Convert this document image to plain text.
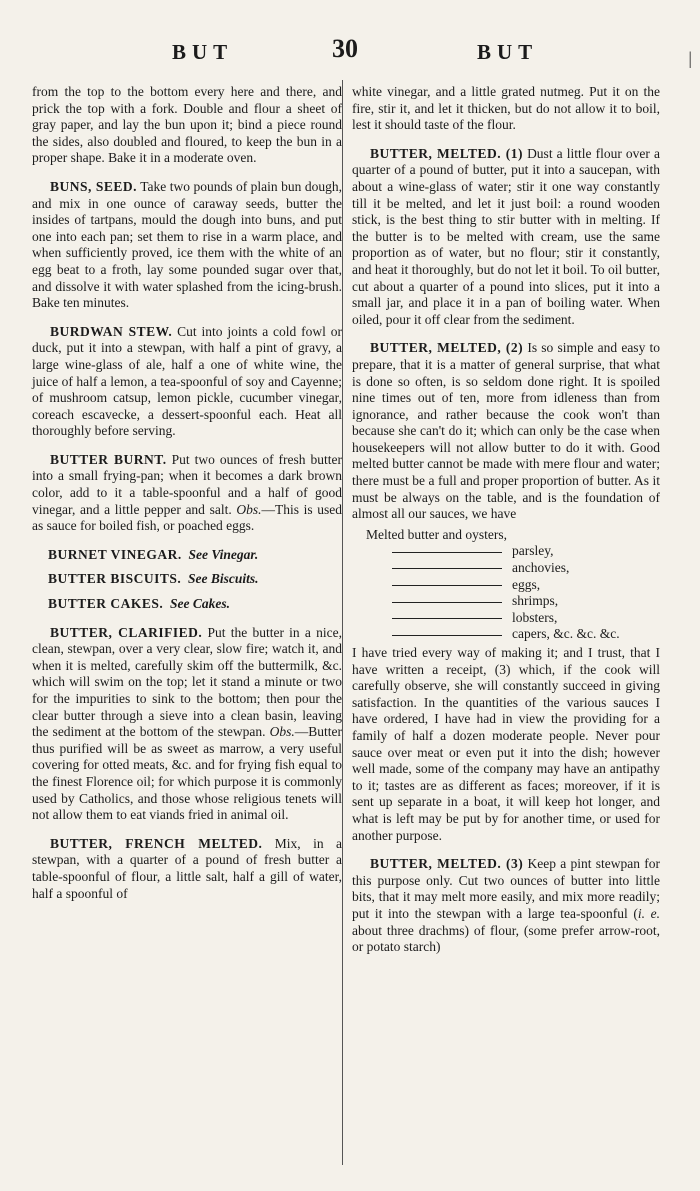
BUT	30	BUT	|

from the top to the bottom every here and there, and prick the top with a fork. Double and flour a sheet of gray paper, and lay the bun upon it; bind a piece round the sides, also doubled and floured, to keep the bun in a proper shape. Bake it in a moderate oven.

BUNS, SEED. Take two pounds of plain bun dough, and mix in one ounce of caraway seeds, butter the insides of tartpans, mould the dough into buns, and put one into each pan; set them to rise in a warm place, and when sufficiently proved, ice them with the white of an egg beat to a froth, lay some pounded sugar over that, and dissolve it with water splashed from the icing-brush. Bake ten minutes.

BURDWAN STEW. Cut into joints a cold fowl or duck, put it into a stewpan, with half a pint of gravy, a large wine-glass of ale, half a one of white wine, the juice of half a lemon, a tea-spoonful of soy and Cayenne; of mushroom catsup, lemon pickle, cucumber vinegar, coreach escavecke, a dessert-spoonful each. Heat all thoroughly before serving.

BUTTER BURNT. Put two ounces of fresh butter into a small frying-pan; when it becomes a dark brown color, add to it a table-spoonful and a half of good vinegar, and a little pepper and salt. Obs.—This is used as sauce for boiled fish, or poached eggs.

BURNET VINEGAR. See Vinegar.

BUTTER BISCUITS. See Biscuits.

BUTTER CAKES. See Cakes.

BUTTER, CLARIFIED. Put the butter in a nice, clean, stewpan, over a very clear, slow fire; watch it, and when it is melted, carefully skim off the buttermilk, &c. which will swim on the top; let it stand a minute or two for the impurities to sink to the bottom; then pour the clear butter through a sieve into a clean basin, leaving the sediment at the bottom of the stewpan. Obs.—Butter thus purified will be as sweet as marrow, a very useful covering for otted meats, &c. and for frying fish equal to the finest Florence oil; for which purpose it is commonly used by Catholics, and those whose religious tenets will not allow them to eat viands fried in animal oil.

BUTTER, FRENCH MELTED. Mix, in a stewpan, with a quarter of a pound of fresh butter a table-spoonful of flour, a little salt, half a gill of water, half a spoonful of

white vinegar, and a little grated nutmeg. Put it on the fire, stir it, and let it thicken, but do not allow it to boil, lest it should taste of the flour.

BUTTER, MELTED. (1) Dust a little flour over a quarter of a pound of butter, put it into a saucepan, with about a wine-glass of water; stir it one way constantly till it be melted, and let it just boil: a round wooden stick, is the best thing to stir butter with in melting. If the butter is to be melted with cream, use the same proportion as of water, but no flour; stir it constantly, and heat it thoroughly, but do not let it boil. To oil butter, cut about a quarter of a pound into slices, put it into a small jar, and place it in a pan of boiling water. When oiled, pour it off clear from the sediment.

BUTTER, MELTED, (2) Is so simple and easy to prepare, that it is a matter of general surprise, that what is done so often, is so seldom done right. It is spoiled nine times out of ten, more from idleness than from ignorance, and rather because the cook won't than because she can't do it; which can only be the case when housekeepers will not allow butter to do it with. Good melted butter cannot be made with mere flour and water; there must be a full and proper proportion of butter. As it must be always on the table, and is the foundation of almost all our sauces, we have

Melted butter and oysters,
parsley,
anchovies,
eggs,
shrimps,
lobsters,
capers, &c. &c. &c.

I have tried every way of making it; and I trust, that I have written a receipt, (3) which, if the cook will carefully observe, she will constantly succeed in giving satisfaction. In the quantities of the various sauces I have ordered, I have had in view the providing for a family of half a dozen moderate people. Never pour sauce over meat or even put it into the dish; however well made, some of the company may have an antipathy to it; tastes are as different as faces; moreover, if it is sent up separate in a boat, it will keep hot longer, and what is left may be put by for another time, or used for another purpose.

BUTTER, MELTED. (3) Keep a pint stewpan for this purpose only. Cut two ounces of butter into little bits, that it may melt more easily, and mix more readily; put it into the stewpan with a large tea-spoonful (i. e. about three drachms) of flour, (some prefer arrow-root, or potato starch)
